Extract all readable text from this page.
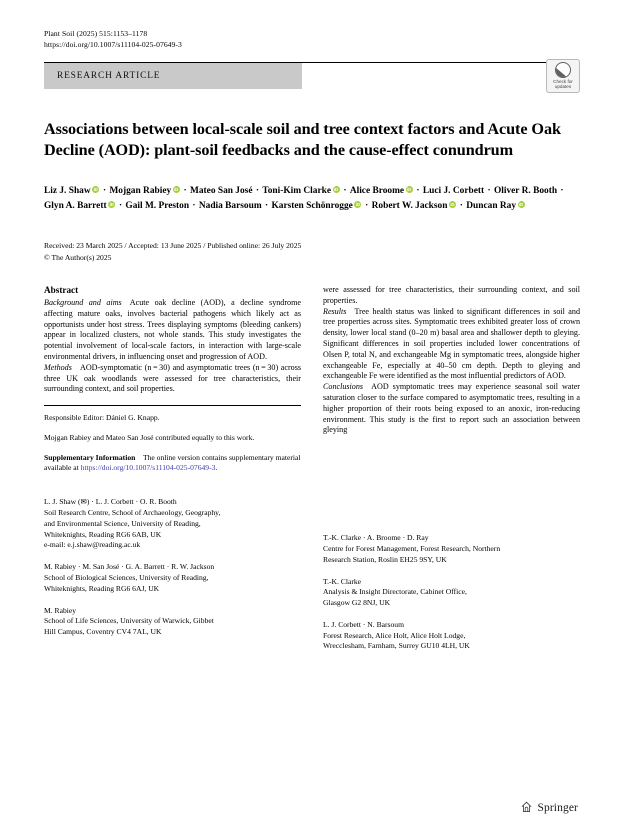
Plant Soil (2025) 515:1153–1178
https://doi.org/10.1007/s11104-025-07649-3
RESEARCH ARTICLE
Check for
updates
Associations between local-scale soil and tree context factors and Acute Oak Decline (AOD): plant-soil feedbacks and the cause-effect conundrum
Liz J. ShawiD · Mojgan RabieyiD · Mateo San José · Toni-Kim ClarkeiD · Alice BroomeiD · Luci J. Corbett · Oliver R. Booth · Glyn A. BarrettiD · Gail M. Preston · Nadia Barsoum · Karsten SchönroggeiD · Robert W. JacksoniD · Duncan RayiD
Received: 23 March 2025 / Accepted: 13 June 2025 / Published online: 26 July 2025
© The Author(s) 2025
Abstract

Background and aims Acute oak decline (AOD), a decline syndrome affecting mature oaks, involves bacterial pathogens which likely act as opportunists under host stress. Trees displaying symptoms (bleeding cankers) appear in localized clusters, not whole stands. This study investigates the potential involvement of local-scale factors, in interaction with large-scale environmental drivers, in influencing onset and progression of AOD.

Methods AOD-symptomatic (n = 30) and asymptomatic trees (n = 30) across three UK oak woodlands were assessed for tree characteristics, their surrounding context, and soil properties.

Responsible Editor: Dániel G. Knapp.

Mojgan Rabiey and Mateo San José contributed equally to this work.

Supplementary Information   The online version contains supplementary material available at https://doi.org/10.1007/s11104-025-07649-3.

L. J. Shaw (✉) · L. J. Corbett · O. R. Booth
Soil Research Centre, School of Archaeology, Geography,
and Environmental Science, University of Reading,
Whiteknights, Reading RG6 6AB, UK
e-mail: e.j.shaw@reading.ac.uk
M. Rabiey · M. San José · G. A. Barrett · R. W. Jackson
School of Biological Sciences, University of Reading,
Whiteknights, Reading RG6 6AJ, UK
M. Rabiey
School of Life Sciences, University of Warwick, Gibbet
Hill Campus, Coventry CV4 7AL, UK

were assessed for tree characteristics, their surrounding context, and soil properties.

Results Tree health status was linked to significant differences in soil and tree properties across sites. Symptomatic trees exhibited greater loss of crown density, lower local stand (0–20 m) basal area and shallower depth to gleying. Significant differences in soil properties included lower concentrations of Olsen P, total N, and exchangeable Mg in symptomatic trees, alongside higher exchangeable Fe, especially at 40–50 cm depth. Depth to gleying and exchangeable Fe were identified as the most influential predictors of AOD.

Conclusions AOD symptomatic trees may experience seasonal soil water saturation closer to the surface compared to asymptomatic trees, resulting in a higher proportion of their roots being exposed to an anoxic, iron-reducing environment. This study is the first to report such an association between gleying

T.-K. Clarke · A. Broome · D. Ray
Centre for Forest Management, Forest Research, Northern
Research Station, Roslin EH25 9SY, UK
T.-K. Clarke
Analysis & Insight Directorate, Cabinet Office,
Glasgow G2 8NJ, UK
L. J. Corbett · N. Barsoum
Forest Research, Alice Holt, Alice Holt Lodge,
Wrecclesham, Farnham, Surrey GU10 4LH, UK
Springer
